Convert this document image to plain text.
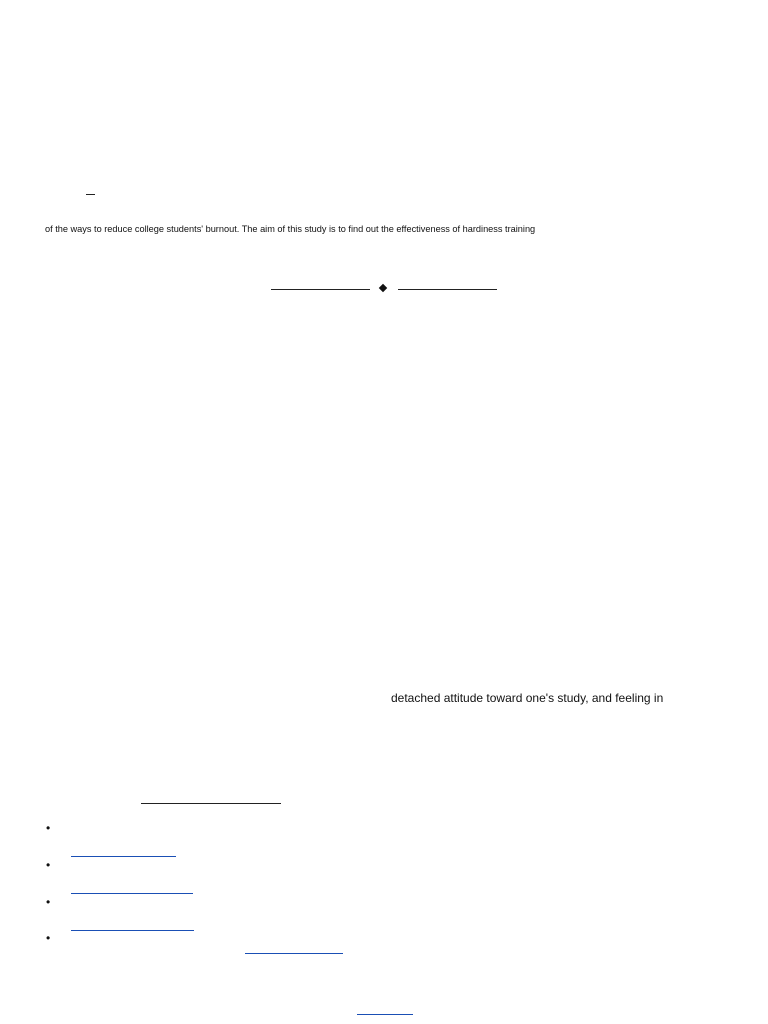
of the ways to reduce college students' burnout. The aim of this study is to find out the effectiveness of hardiness training
detached attitude toward one's study, and feeling in
•
•
•
•
